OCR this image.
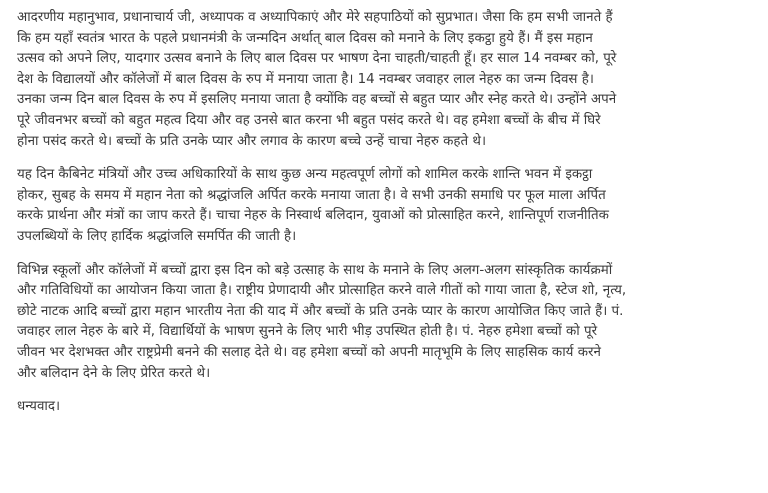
आदरणीय महानुभाव, प्रधानाचार्य जी, अध्यापक व अध्यापिकाएं और मेरे सहपाठियों को सुप्रभात। जैसा कि हम सभी जानते हैं
कि हम यहाँ स्वतंत्र भारत के पहले प्रधानमंत्री के जन्मदिन अर्थात् बाल दिवस को मनाने के लिए इकट्ठा हुये हैं। मैं इस महान
उत्सव को अपने लिए, यादगार उत्सव बनाने के लिए बाल दिवस पर भाषण देना चाहती/चाहती हूँ। हर साल 14 नवम्बर को, पूरे
देश के विद्यालयों और कॉलेजों में बाल दिवस के रुप में मनाया जाता है। 14 नवम्बर जवाहर लाल नेहरु का जन्म दिवस है।
उनका जन्म दिन बाल दिवस के रुप में इसलिए मनाया जाता है क्योंकि वह बच्चों से बहुत प्यार और स्नेह करते थे। उन्होंने अपने
पूरे जीवनभर बच्चों को बहुत महत्व दिया और वह उनसे बात करना भी बहुत पसंद करते थे। वह हमेशा बच्चों के बीच में घिरे
होना पसंद करते थे। बच्चों के प्रति उनके प्यार और लगाव के कारण बच्चे उन्हें चाचा नेहरु कहते थे।

यह दिन कैबिनेट मंत्रियों और उच्च अधिकारियों के साथ कुछ अन्य महत्वपूर्ण लोगों को शामिल करके शान्ति भवन में इकट्ठा
होकर, सुबह के समय में महान नेता को श्रद्धांजलि अर्पित करके मनाया जाता है। वे सभी उनकी समाधि पर फूल माला अर्पित
करके प्रार्थना और मंत्रों का जाप करते हैं। चाचा नेहरु के निस्वार्थ बलिदान, युवाओं को प्रोत्साहित करने, शान्तिपूर्ण राजनीतिक
उपलब्धियों के लिए हार्दिक श्रद्धांजलि समर्पित की जाती है।

विभिन्न स्कूलों और कॉलेजों में बच्चों द्वारा इस दिन को बड़े उत्साह के साथ के मनाने के लिए अलग-अलग सांस्कृतिक कार्यक्रमों
और गतिविधियों का आयोजन किया जाता है। राष्ट्रीय प्रेणादायी और प्रोत्साहित करने वाले गीतों को गाया जाता है, स्टेज शो, नृत्य,
छोटे नाटक आदि बच्चों द्वारा महान भारतीय नेता की याद में और बच्चों के प्रति उनके प्यार के कारण आयोजित किए जाते हैं। पं.
जवाहर लाल नेहरु के बारे में, विद्यार्थियों के भाषण सुनने के लिए भारी भीड़ उपस्थित होती है। पं. नेहरु हमेशा बच्चों को पूरे
जीवन भर देशभक्त और राष्ट्रप्रेमी बनने की सलाह देते थे। वह हमेशा बच्चों को अपनी मातृभूमि के लिए साहसिक कार्य करने
और बलिदान देने के लिए प्रेरित करते थे।

धन्यवाद।
